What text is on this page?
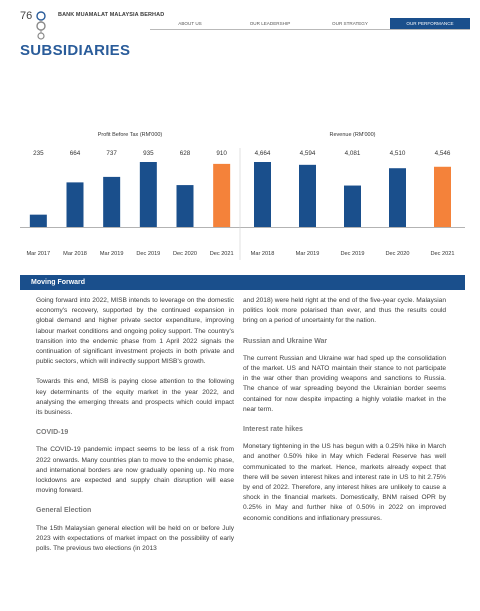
76	BANK MUAMALAT MALAYSIA BERHAD
ABOUT US	OUR LEADERSHIP	OUR STRATEGY	OUR PERFORMANCE
SUBSIDIARIES
Profit Before Tax (RM'000)	Revenue (RM'000)
235
Mar 2017
664
Mar 2018
737
Mar 2019
935
Dec 2019
628
Dec 2020
910
Dec 2021
4,664
Mar 2018
4,594
Mar 2019
4,081
Dec 2019
4,510
Dec 2020
4,546
Dec 2021
Moving Forward

Going forward into 2022, MISB intends to leverage on the domestic economy's recovery, supported by the continued expansion in global demand and higher private sector expenditure, improving labour market conditions and ongoing policy support. The country's transition into the endemic phase from 1 April 2022 signals the continuation of significant investment projects in both private and public sectors, which will indirectly support MISB's growth.

Towards this end, MISB is paying close attention to the following key determinants of the equity market in the year 2022, and analysing the emerging threats and prospects which could impact its business.

COVID-19

The COVID-19 pandemic impact seems to be less of a risk from 2022 onwards. Many countries plan to move to the endemic phase, and international borders are now gradually opening up. No more lockdowns are expected and supply chain disruption will ease moving forward.

General Election

The 15th Malaysian general election will be held on or before July 2023 with expectations of market impact on the possibility of early polls. The previous two elections (in 2013

and 2018) were held right at the end of the five-year cycle. Malaysian politics look more polarised than ever, and thus the results could bring on a period of uncertainty for the nation.

Russian and Ukraine War

The current Russian and Ukraine war had sped up the consolidation of the market. US and NATO maintain their stance to not participate in the war other than providing weapons and sanctions to Russia. The chance of war spreading beyond the Ukrainian border seems contained for now despite impacting a highly volatile market in the near term.

Interest rate hikes

Monetary tightening in the US has begun with a 0.25% hike in March and another 0.50% hike in May which Federal Reserve has well communicated to the market. Hence, markets already expect that there will be seven interest hikes and interest rate in US to hit 2.75% by end of 2022. Therefore, any interest hikes are unlikely to cause a shock in the financial markets. Domestically, BNM raised OPR by 0.25% in May and further hike of 0.50% in 2022 on improved economic conditions and inflationary pressures.
